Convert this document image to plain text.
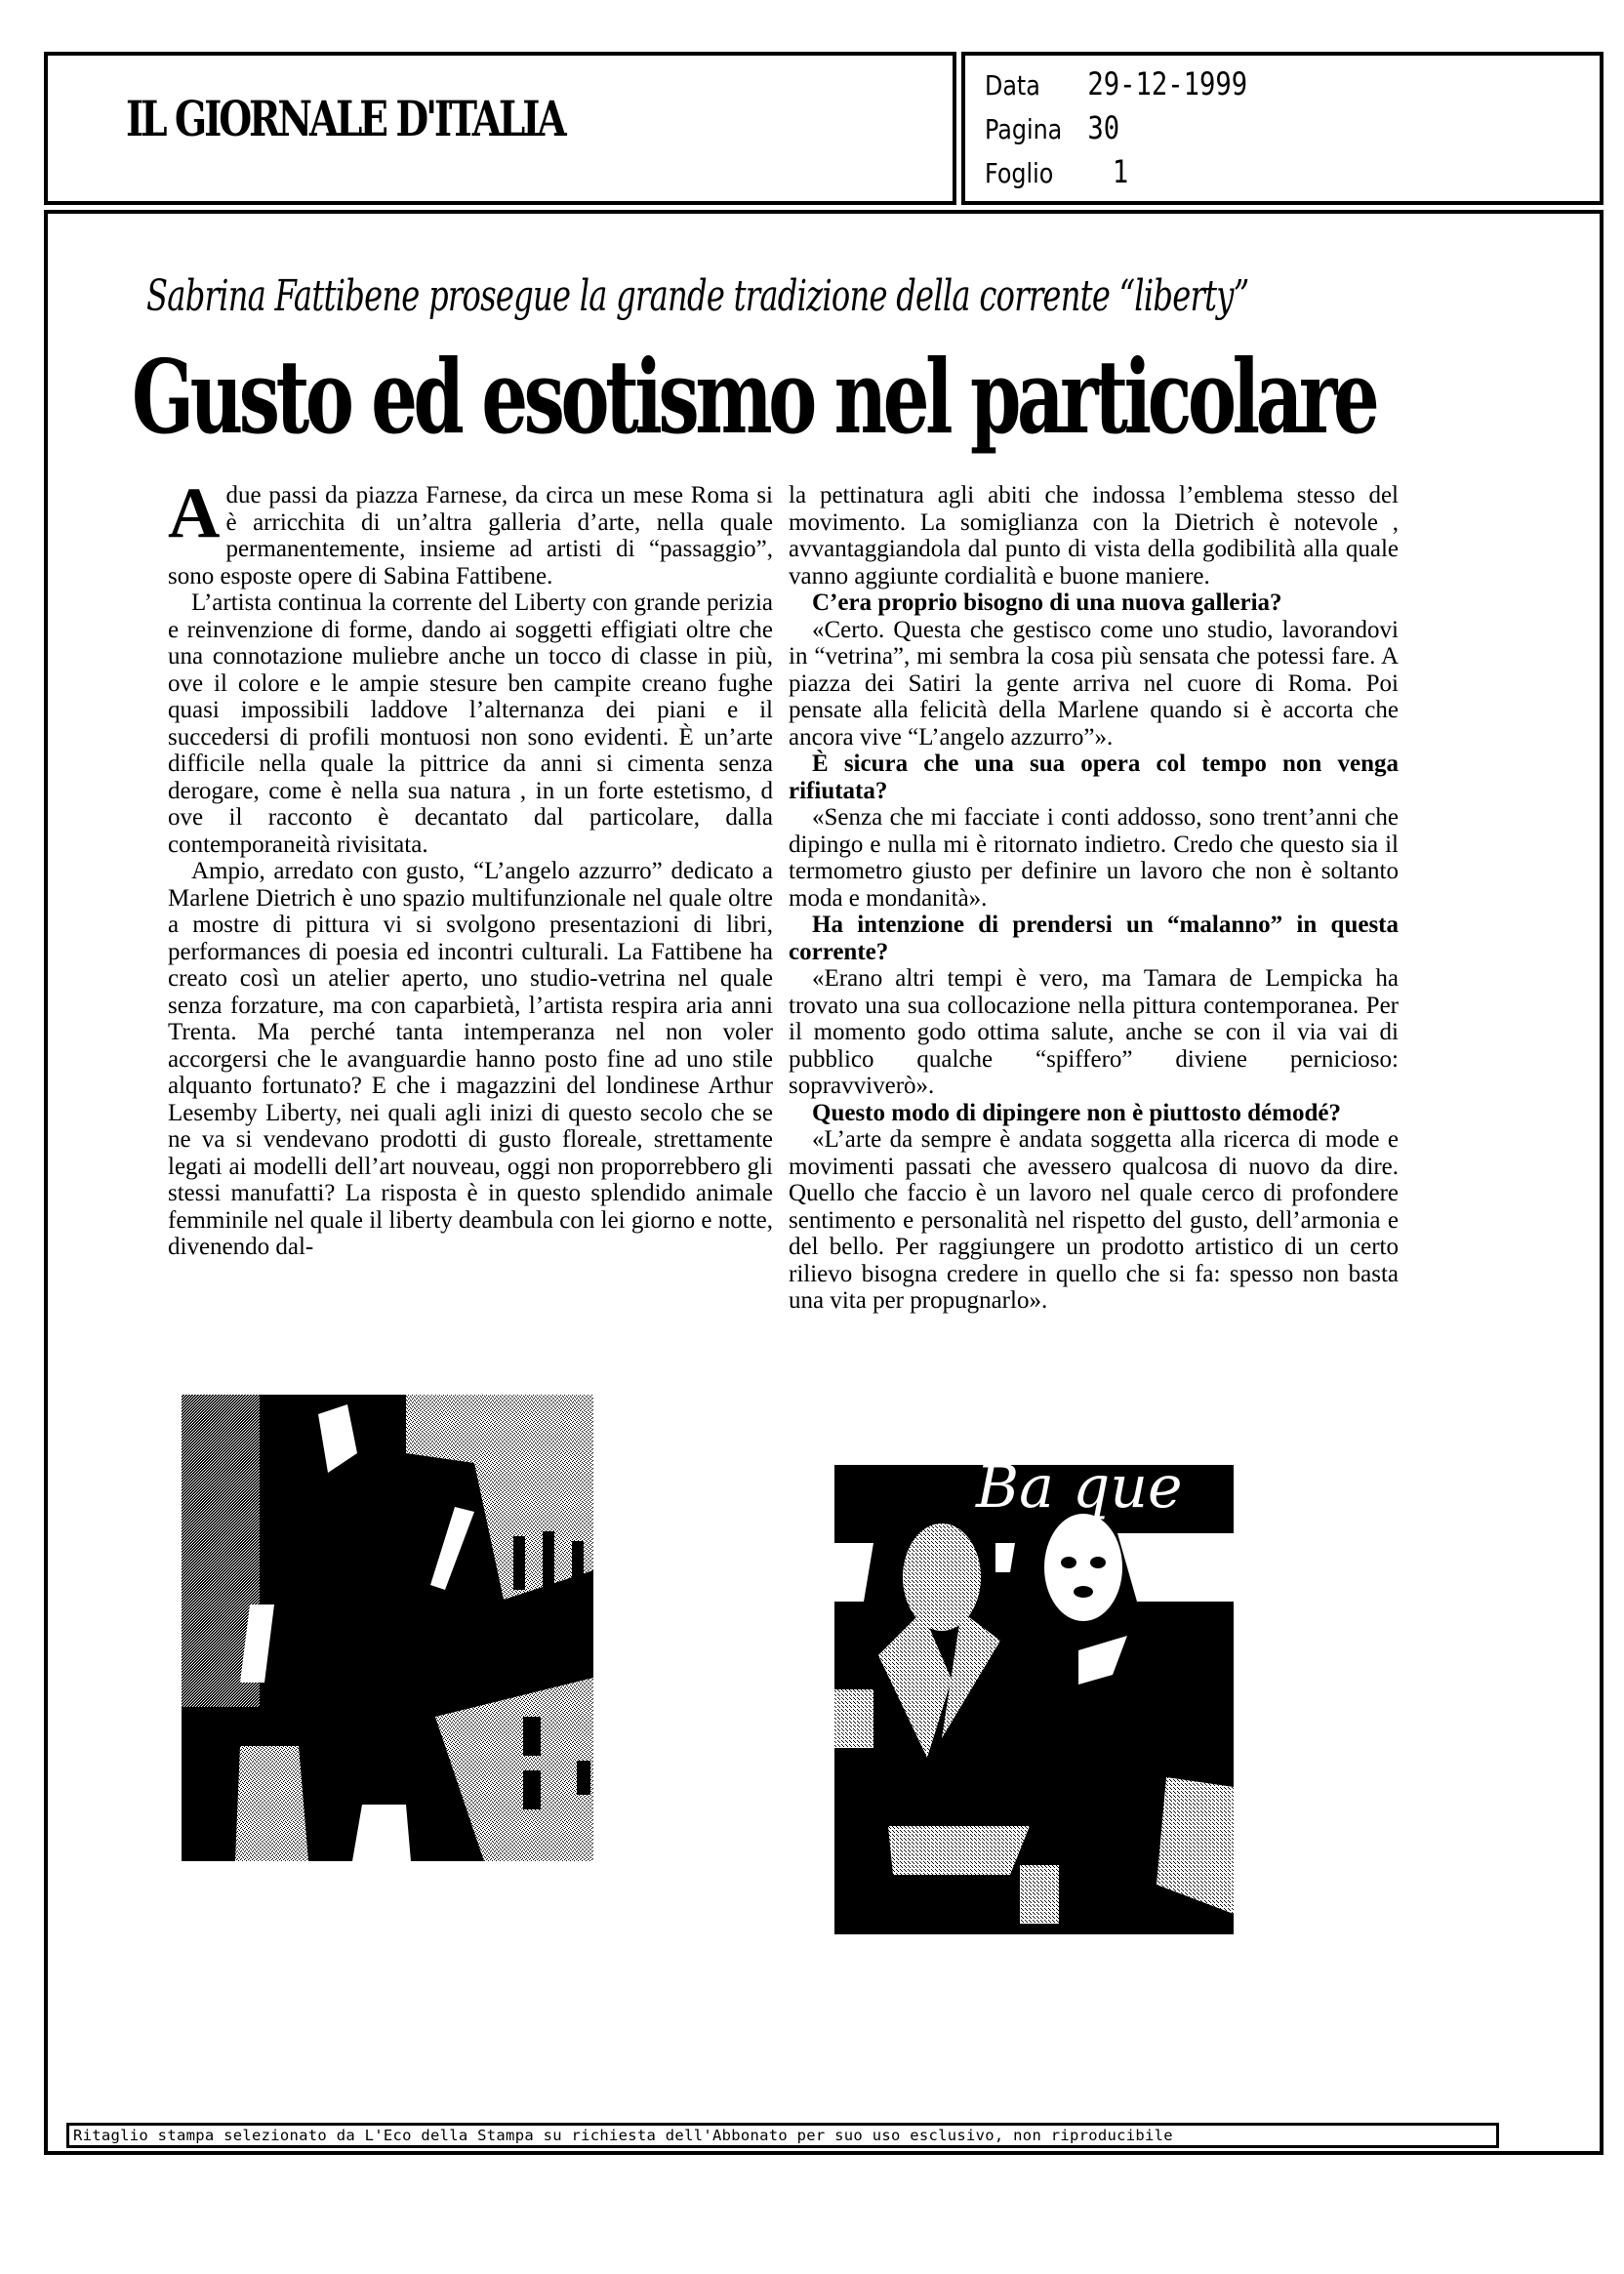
IL GIORNALE D'ITALIA
Data 29-12-1999
Pagina 30
Foglio 1
Sabrina Fattibene prosegue la grande tradizione della corrente “liberty”
Gusto ed esotismo nel particolare

A due passi da piazza Farnese, da circa un mese Roma si è arricchita di un’altra galleria d’arte, nella quale permanentemente, insieme ad artisti di “passaggio”, sono esposte opere di Sabina Fattibene.

L’artista continua la corrente del Liberty con grande perizia e reinvenzione di forme, dando ai soggetti effigiati oltre che una connotazione muliebre anche un tocco di classe in più, ove il colore e le ampie stesure ben campite creano fughe quasi impossibili laddove l’alternanza dei piani e il succedersi di profili montuosi non sono evidenti. È un’arte difficile nella quale la pittrice da anni si cimenta senza derogare, come è nella sua natura , in un forte estetismo, d ove il racconto è decantato dal particolare, dalla contemporaneità rivisitata.

Ampio, arredato con gusto, “L’angelo azzurro” dedicato a Marlene Dietrich è uno spazio multifunzionale nel quale oltre a mostre di pittura vi si svolgono presentazioni di libri, performances di poesia ed incontri culturali. La Fattibene ha creato così un atelier aperto, uno studio-vetrina nel quale senza forzature, ma con caparbietà, l’artista respira aria anni Trenta. Ma perché tanta intemperanza nel non voler accorgersi che le avanguardie hanno posto fine ad uno stile alquanto fortunato? E che i magazzini del londinese Arthur Lesemby Liberty, nei quali agli inizi di questo secolo che se ne va si vendevano prodotti di gusto floreale, strettamente legati ai modelli dell’art nouveau, oggi non proporrebbero gli stessi manufatti? La risposta è in questo splendido animale femminile nel quale il liberty deambula con lei giorno e notte, divenendo dal-

la pettinatura agli abiti che indossa l’emblema stesso del movimento. La somiglianza con la Dietrich è notevole , avvantaggiandola dal punto di vista della godibilità alla quale vanno aggiunte cordialità e buone maniere.

C’era proprio bisogno di una nuova galleria?

«Certo. Questa che gestisco come uno studio, lavorandovi in “vetrina”, mi sembra la cosa più sensata che potessi fare. A piazza dei Satiri la gente arriva nel cuore di Roma. Poi pensate alla felicità della Marlene quando si è accorta che ancora vive “L’angelo azzurro”».

È sicura che una sua opera col tempo non venga rifiutata?

«Senza che mi facciate i conti addosso, sono trent’anni che dipingo e nulla mi è ritornato indietro. Credo che questo sia il termometro giusto per definire un lavoro che non è soltanto moda e mondanità».

Ha intenzione di prendersi un “malanno” in questa corrente?

«Erano altri tempi è vero, ma Tamara de Lempicka ha trovato una sua collocazione nella pittura contemporanea. Per il momento godo ottima salute, anche se con il via vai di pubblico qualche “spiffero” diviene pernicioso: sopravviverò».

Questo modo di dipingere non è piuttosto démodé?

«L’arte da sempre è andata soggetta alla ricerca di mode e movimenti passati che avessero qualcosa di nuovo da dire. Quello che faccio è un lavoro nel quale cerco di profondere sentimento e personalità nel rispetto del gusto, dell’armonia e del bello. Per raggiungere un prodotto artistico di un certo rilievo bisogna credere in quello che si fa: spesso non basta una vita per propugnarlo».

Ba que
Ritaglio stampa selezionato da L'Eco della Stampa su richiesta dell'Abbonato per suo uso esclusivo, non riproducibile
